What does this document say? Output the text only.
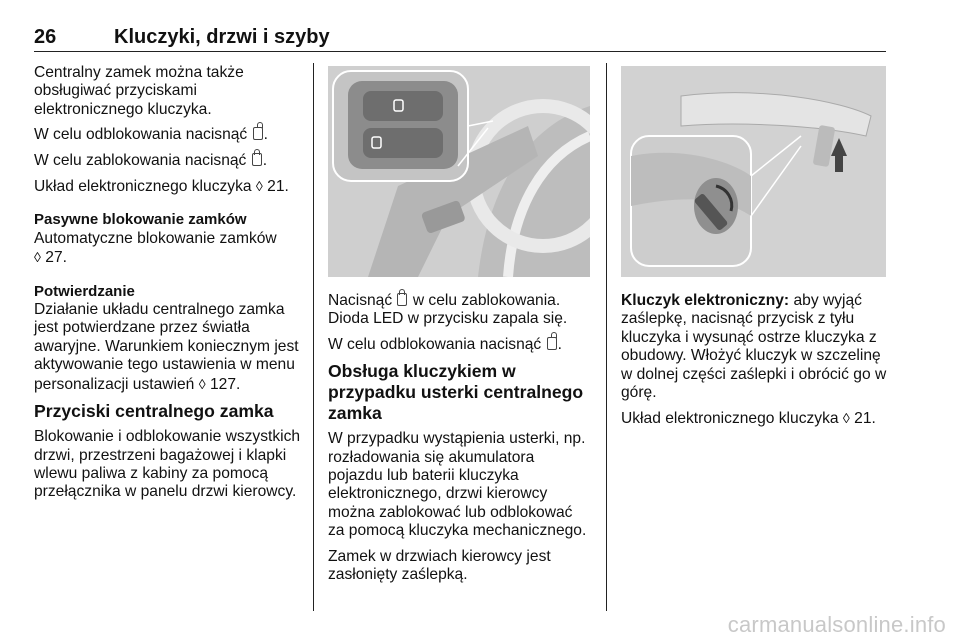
26	Kluczyki, drzwi i szyby

Centralny zamek można także obsługiwać przyciskami elektronicznego kluczyka.

W celu odblokowania nacisnąć .

W celu zablokowania nacisnąć .

Układ elektronicznego kluczyka ◊ 21.

Pasywne blokowanie zamków

Automatyczne blokowanie zamków
◊ 27.

Potwierdzanie

Działanie układu centralnego zamka jest potwierdzane przez światła awaryjne. Warunkiem koniecznym jest aktywowanie tego ustawienia w menu personalizacji ustawień ◊ 127.

Przyciski centralnego zamka

Blokowanie i odblokowanie wszystkich drzwi, przestrzeni bagażowej i klapki wlewu paliwa z kabiny za pomocą przełącznika w panelu drzwi kierowcy.

Nacisnąć w celu zablokowania. Dioda LED w przycisku zapala się.

W celu odblokowania nacisnąć .

Obsługa kluczykiem w przypadku usterki centralnego zamka

W przypadku wystąpienia usterki, np. rozładowania się akumulatora pojazdu lub baterii kluczyka elektronicznego, drzwi kierowcy można zablokować lub odblokować za pomocą kluczyka mechanicznego.

Zamek w drzwiach kierowcy jest zasłonięty zaślepką.

Kluczyk elektroniczny: aby wyjąć zaślepkę, nacisnąć przycisk z tyłu kluczyka i wysunąć ostrze kluczyka z obudowy. Włożyć kluczyk w szczelinę w dolnej części zaślepki i obrócić go w górę.

Układ elektronicznego kluczyka ◊ 21.

carmanualsonline.info
